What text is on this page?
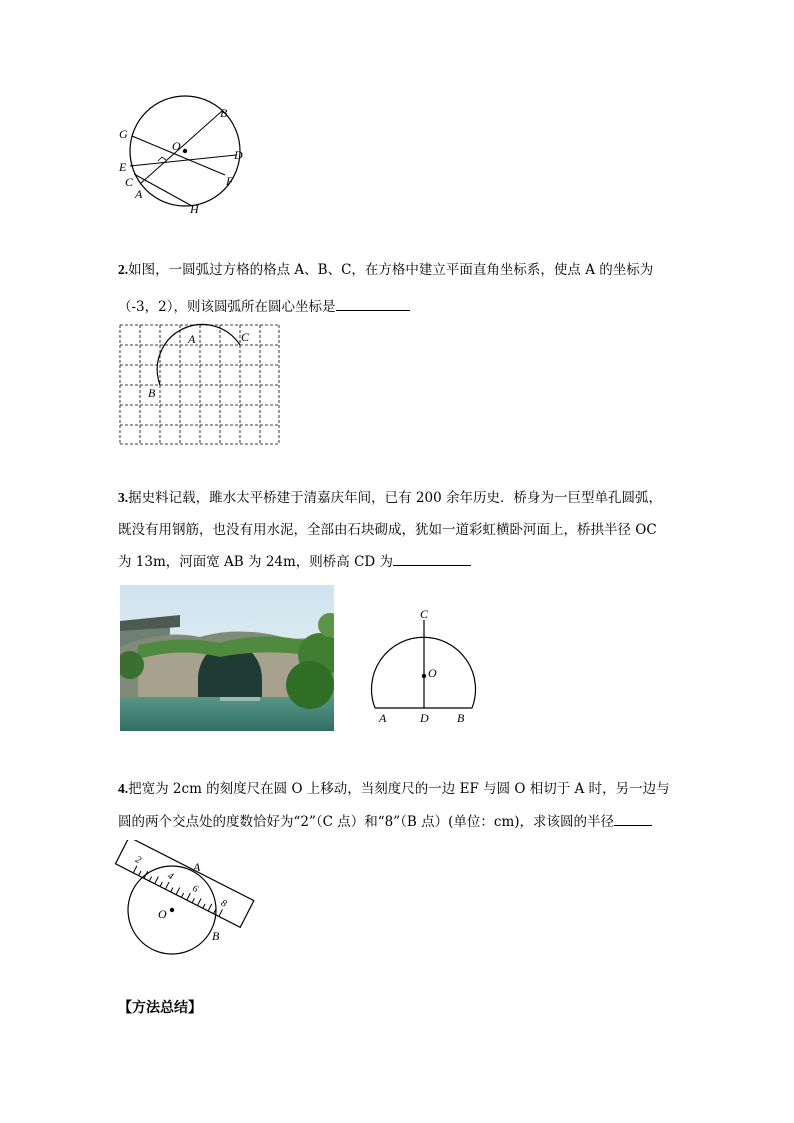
G
B
O
D
E
C
A
F
H
2.如图，一圆弧过方格的格点 A、B、C，在方格中建立平面直角坐标系，使点 A 的坐标为
（-3，2），则该圆弧所在圆心坐标是
A	C
B
3.据史料记载，雎水太平桥建于清嘉庆年间，已有 200 余年历史．桥身为一巨型单孔圆弧，
既没有用钢筋，也没有用水泥，全部由石块砌成，犹如一道彩虹横卧河面上，桥拱半径 OC
为 13m，河面宽 AB 为 24m，则桥高 CD 为
C
O
A	D B
4.把宽为 2cm 的刻度尺在圆 O 上移动，当刻度尺的一边 EF 与圆 O 相切于 A 时，另一边与
圆的两个交点处的度数恰好为“2”（C 点）和“8”（B 点）(单位：cm)，求该圆的半径
2
4
6
8
A
O
B
【方法总结】
